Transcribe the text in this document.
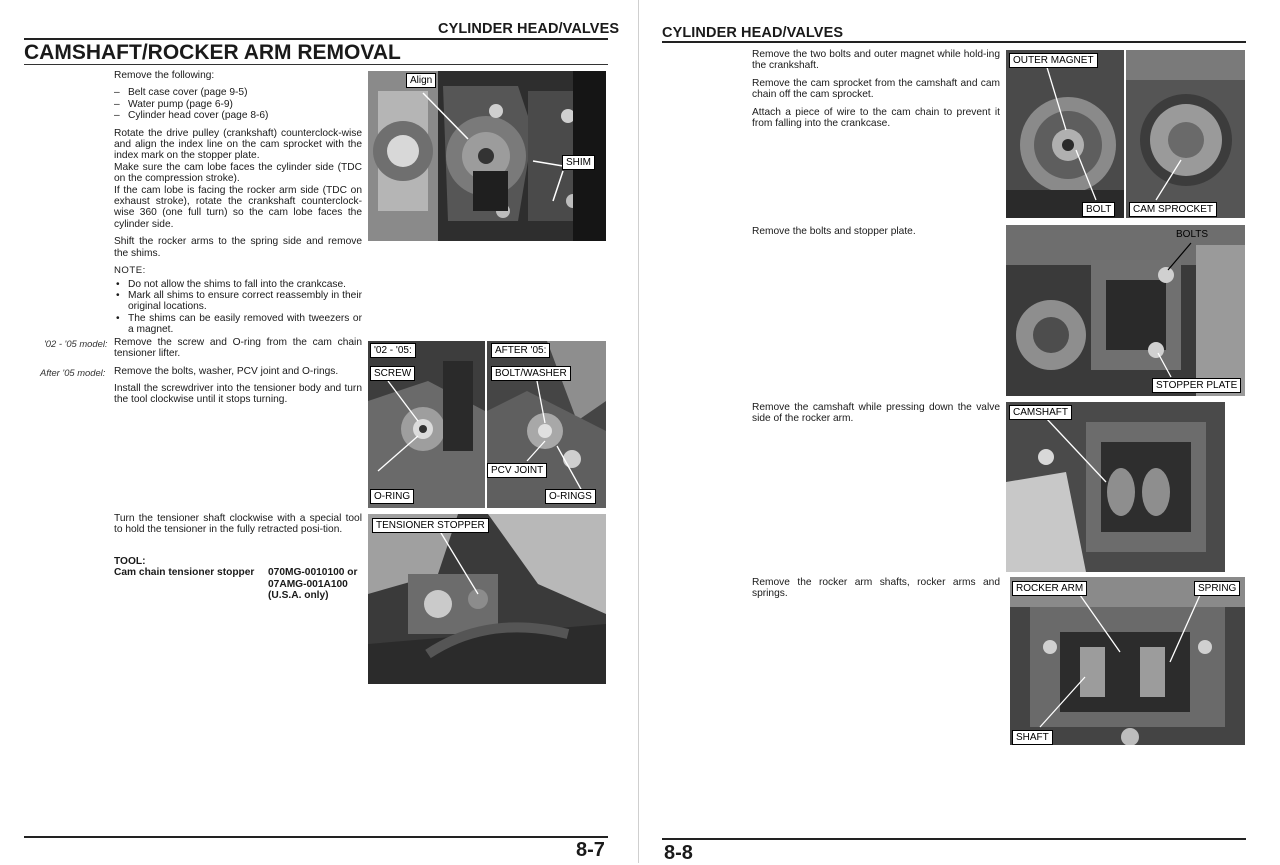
CYLINDER HEAD/VALVES
CAMSHAFT/ROCKER ARM REMOVAL

Remove the following:

– Belt case cover (page 9-5)
– Water pump (page 6-9)
– Cylinder head cover (page 8-6)
Rotate the drive pulley (crankshaft) counterclock-wise and align the index line on the cam sprocket with the index mark on the stopper plate.
Make sure the cam lobe faces the cylinder side (TDC on the compression stroke).

If the cam lobe is facing the rocker arm side (TDC on exhaust stroke), rotate the crankshaft counterclock-wise 360 (one full turn) so the cam lobe faces the cylinder side.

Shift the rocker arms to the spring side and remove the shims.

NOTE:
• Do not allow the shims to fall into the crankcase.
• Mark all shims to ensure correct reassembly in their original locations.
• The shims can be easily removed with tweezers or a magnet.
'02 - '05 model: Remove the screw and O-ring from the cam chain tensioner lifter.
After '05 model: Remove the bolts, washer, PCV joint and O-rings.
Install the screwdriver into the tensioner body and turn the tool clockwise until it stops turning.
Turn the tensioner shaft clockwise with a special tool to hold the tensioner in the fully retracted posi-tion.
TOOL:
Cam chain tensioner stopper	070MG-0010100 or
07AMG-001A100
(U.S.A. only)
Align
SHIM
'02 - '05:
SCREW
O-RING
AFTER '05:
BOLT/WASHER
PCV JOINT
O-RINGS
TENSIONER STOPPER
8-7
CYLINDER HEAD/VALVES

Remove the two bolts and outer magnet while hold-ing the crankshaft.

Remove the cam sprocket from the camshaft and cam chain off the cam sprocket.

Attach a piece of wire to the cam chain to prevent it from falling into the crankcase.

Remove the bolts and stopper plate.
Remove the camshaft while pressing down the valve side of the rocker arm.
Remove the rocker arm shafts, rocker arms and springs.
OUTER MAGNET
BOLT	CAM SPROCKET
BOLTS
STOPPER PLATE
CAMSHAFT
ROCKER ARM	SPRING
SHAFT
8-8
